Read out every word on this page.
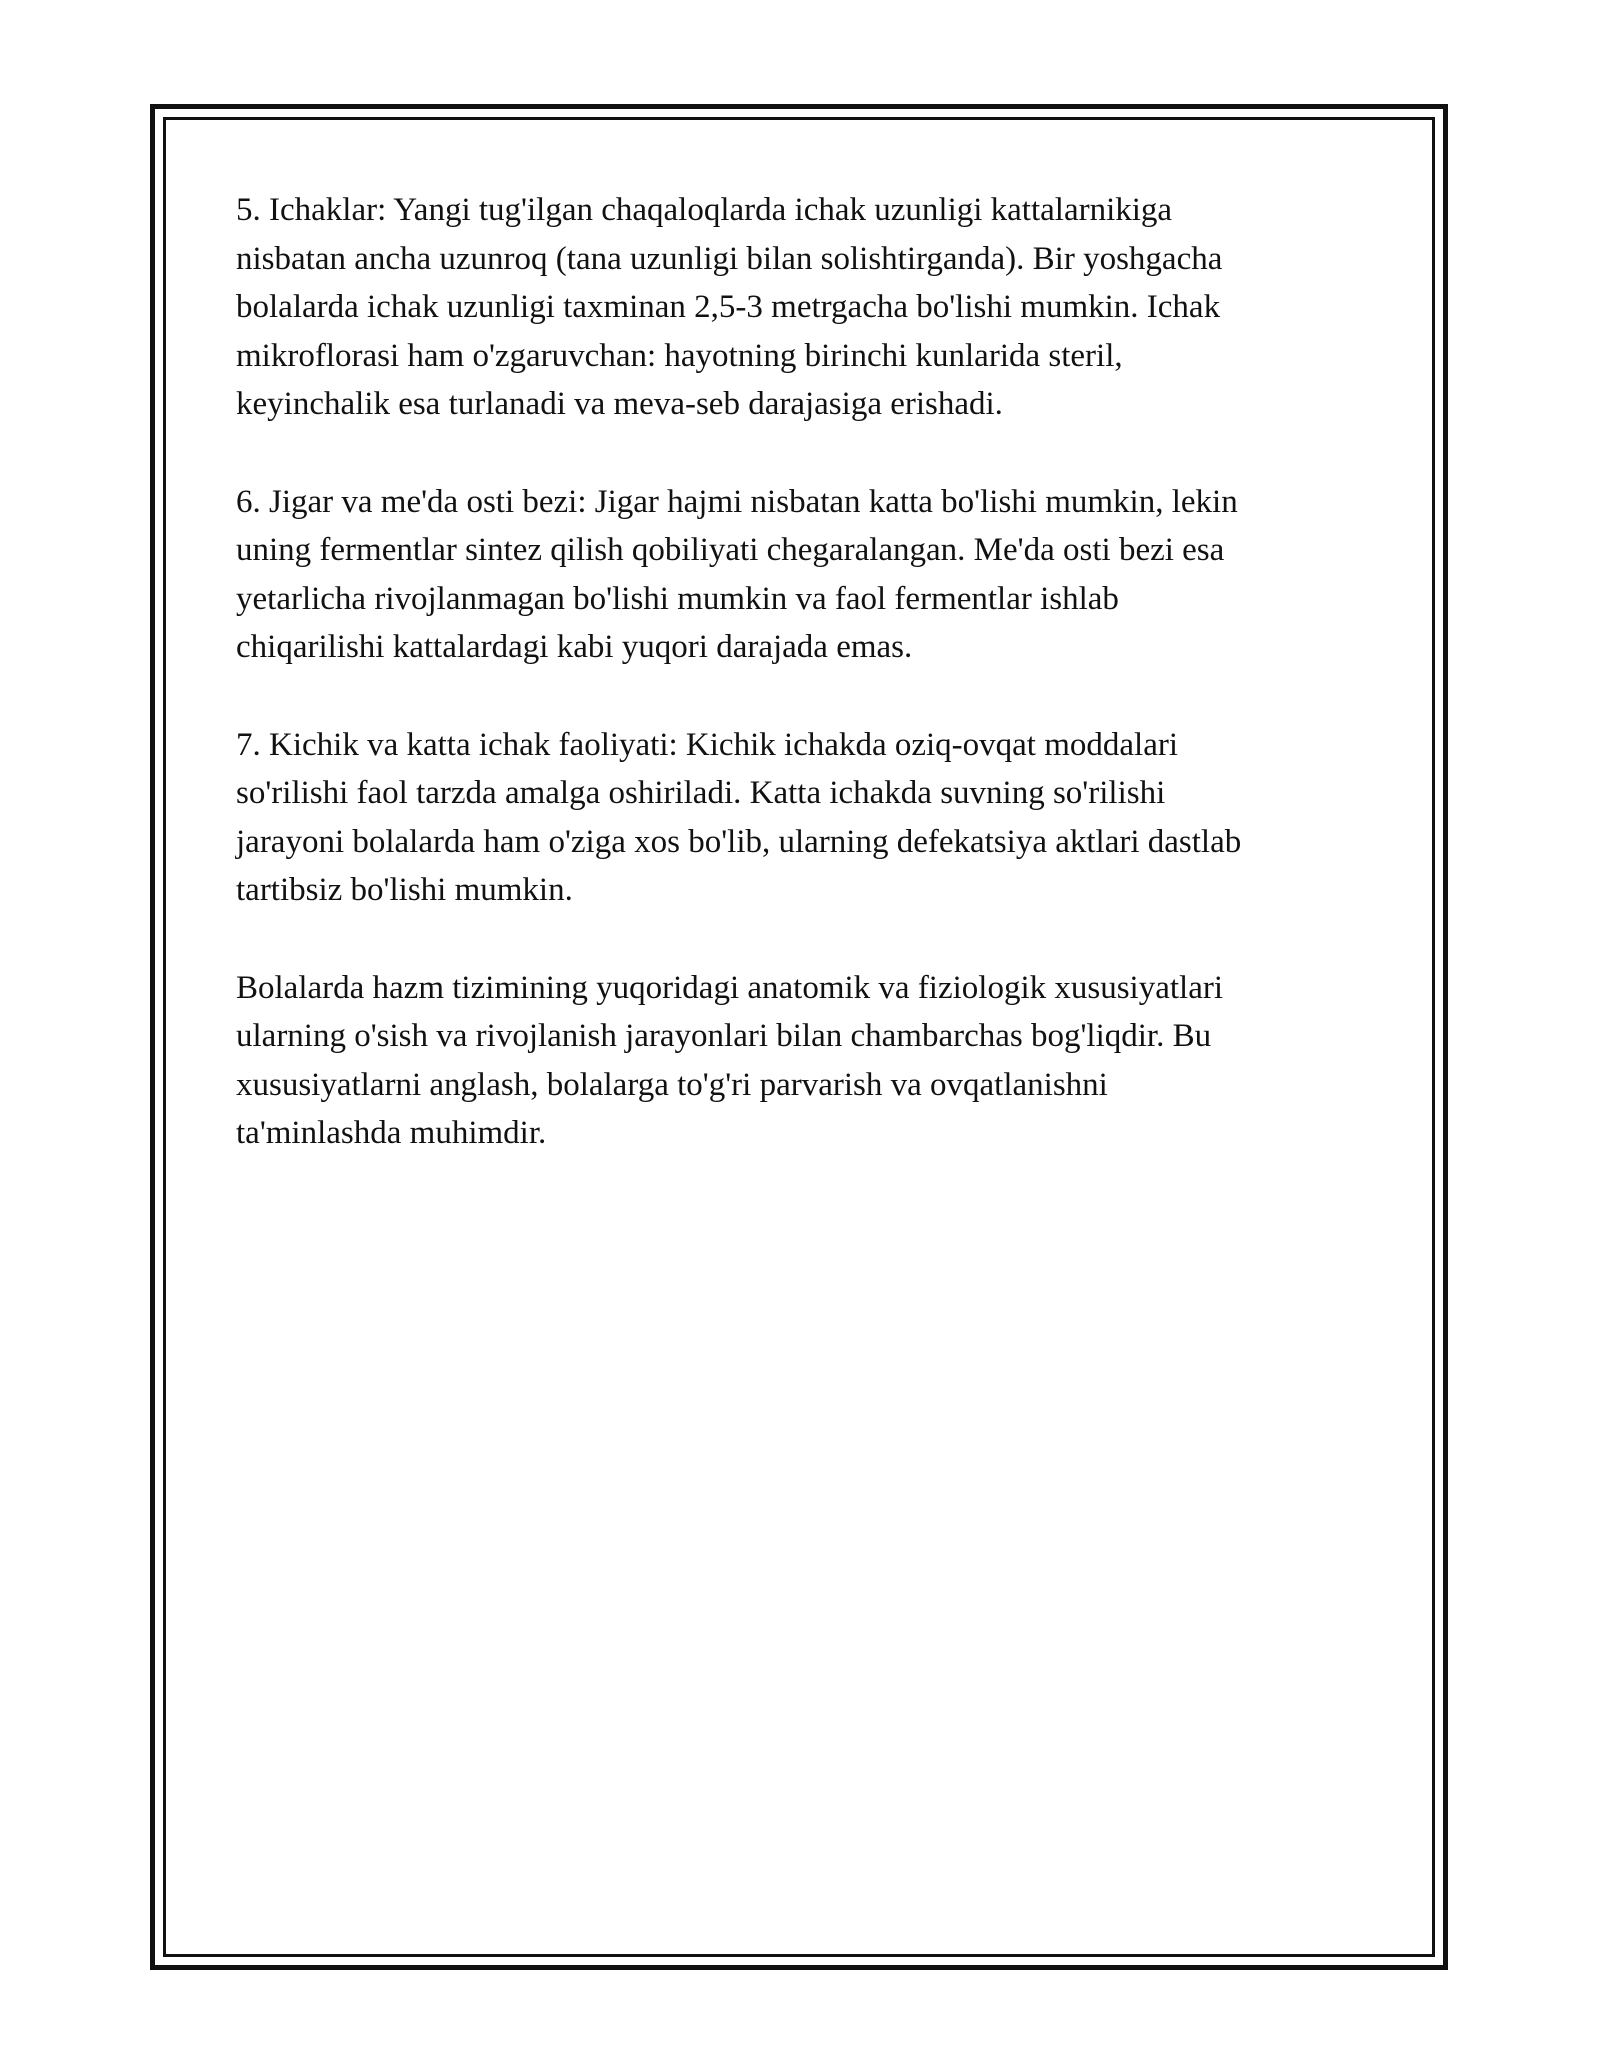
5. Ichaklar: Yangi tug'ilgan chaqaloqlarda ichak uzunligi kattalarnikiga
nisbatan ancha uzunroq (tana uzunligi bilan solishtirganda). Bir yoshgacha
bolalarda ichak uzunligi taxminan 2,5-3 metrgacha bo'lishi mumkin. Ichak
mikroflorasi ham o'zgaruvchan: hayotning birinchi kunlarida steril,
keyinchalik esa turlanadi va meva-seb darajasiga erishadi.

6. Jigar va me'da osti bezi: Jigar hajmi nisbatan katta bo'lishi mumkin, lekin
uning fermentlar sintez qilish qobiliyati chegaralangan. Me'da osti bezi esa
yetarlicha rivojlanmagan bo'lishi mumkin va faol fermentlar ishlab
chiqarilishi kattalardagi kabi yuqori darajada emas.

7. Kichik va katta ichak faoliyati: Kichik ichakda oziq-ovqat moddalari
so'rilishi faol tarzda amalga oshiriladi. Katta ichakda suvning so'rilishi
jarayoni bolalarda ham o'ziga xos bo'lib, ularning defekatsiya aktlari dastlab
tartibsiz bo'lishi mumkin.

Bolalarda hazm tizimining yuqoridagi anatomik va fiziologik xususiyatlari
ularning o'sish va rivojlanish jarayonlari bilan chambarchas bog'liqdir. Bu
xususiyatlarni anglash, bolalarga to'g'ri parvarish va ovqatlanishni
ta'minlashda muhimdir.
